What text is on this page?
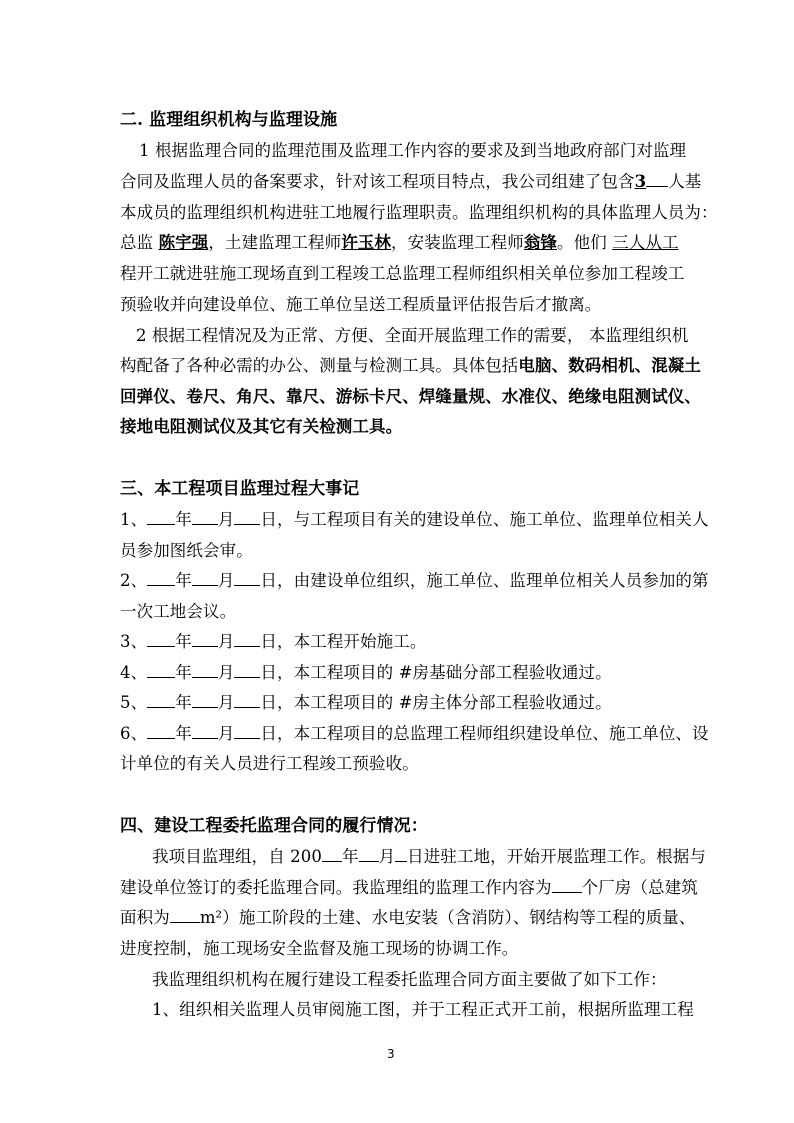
二. 监理组织机构与监理设施
1 根据监理合同的监理范围及监理工作内容的要求及到当地政府部门对监理
合同及监理人员的备案要求，针对该工程项目特点，我公司组建了包含3 人基
本成员的监理组织机构进驻工地履行监理职责。监理组织机构的具体监理人员为：
总监 陈宇强，土建监理工程师许玉林，安装监理工程师翁锋。他们 三人从工
程开工就进驻施工现场直到工程竣工总监理工程师组织相关单位参加工程竣工
预验收并向建设单位、施工单位呈送工程质量评估报告后才撤离。
2 根据工程情况及为正常、方便、全面开展监理工作的需要， 本监理组织机
构配备了各种必需的办公、测量与检测工具。具体包括电脑、数码相机、混凝土
回弹仪、卷尺、角尺、靠尺、游标卡尺、焊缝量规、水准仪、绝缘电阻测试仪、
接地电阻测试仪及其它有关检测工具。
三、本工程项目监理过程大事记
1、 年 月 日，与工程项目有关的建设单位、施工单位、监理单位相关人
员参加图纸会审。
2、 年 月 日，由建设单位组织，施工单位、监理单位相关人员参加的第
一次工地会议。
3、 年 月 日，本工程开始施工。
4、 年 月 日，本工程项目的 #房基础分部工程验收通过。
5、 年 月 日，本工程项目的 #房主体分部工程验收通过。
6、 年 月 日，本工程项目的总监理工程师组织建设单位、施工单位、设
计单位的有关人员进行工程竣工预验收。
四、建设工程委托监理合同的履行情况：
我项目监理组，自 200 年 月 日进驻工地，开始开展监理工作。根据与
建设单位签订的委托监理合同。我监理组的监理工作内容为 个厂房（总建筑
面积为 m²）施工阶段的土建、水电安装（含消防）、钢结构等工程的质量、
进度控制，施工现场安全监督及施工现场的协调工作。
我监理组织机构在履行建设工程委托监理合同方面主要做了如下工作：
1、组织相关监理人员审阅施工图，并于工程正式开工前，根据所监理工程
3
